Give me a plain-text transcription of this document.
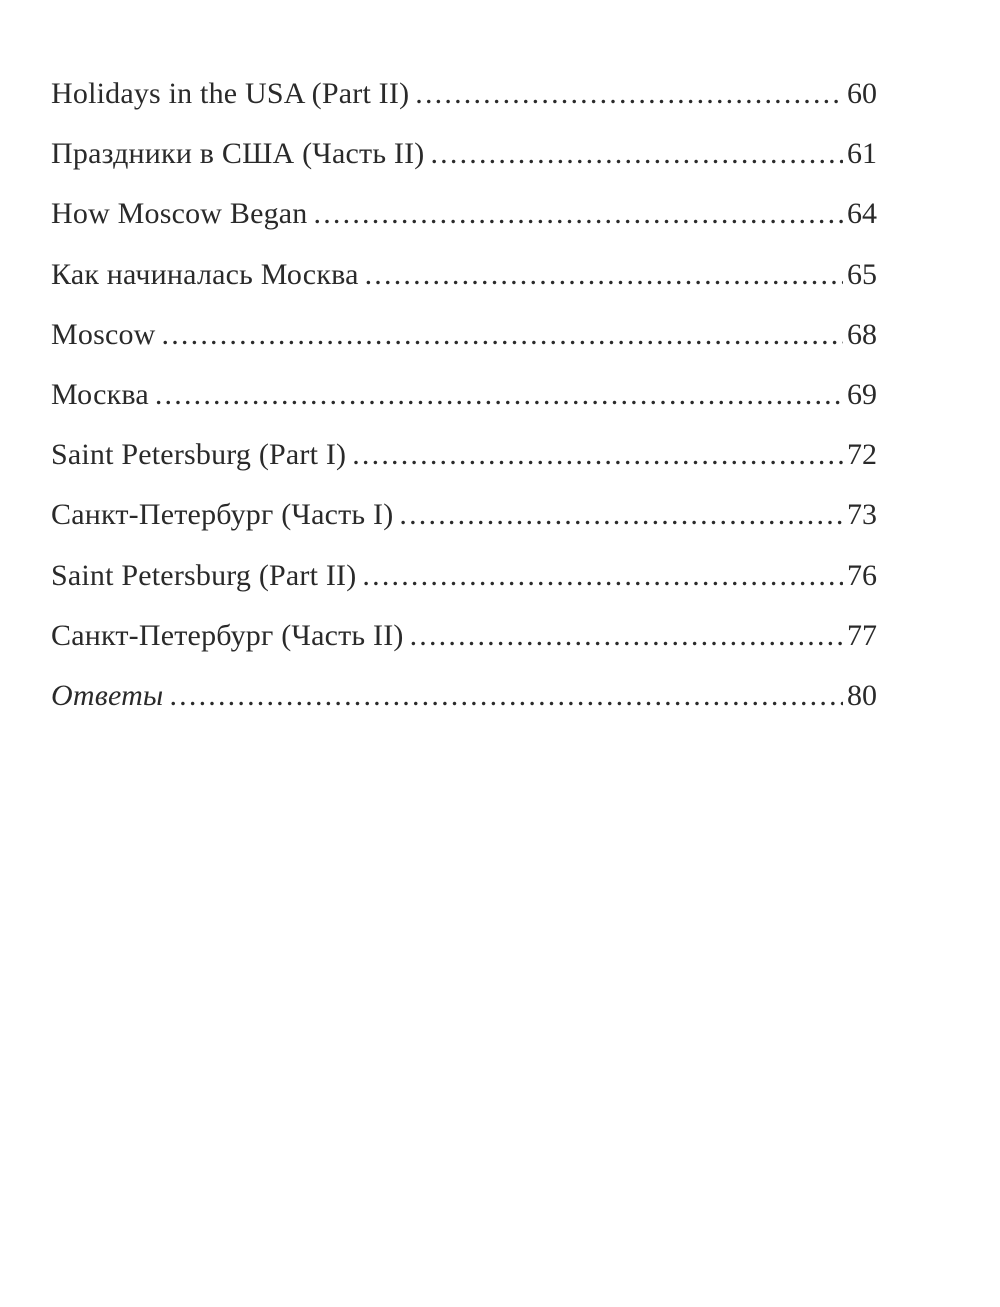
Holidays in the USA (Part II) .....	60
Праздники в США (Часть II) .....	61
How Moscow Began .....	64
Как начиналась Москва .....	65
Moscow .....	68
Москва .....	69
Saint Petersburg (Part I) .....	72
Санкт-Петербург (Часть I) .....	73
Saint Petersburg (Part II) .....	76
Санкт-Петербург (Часть II) .....	77
Ответы .....	80
